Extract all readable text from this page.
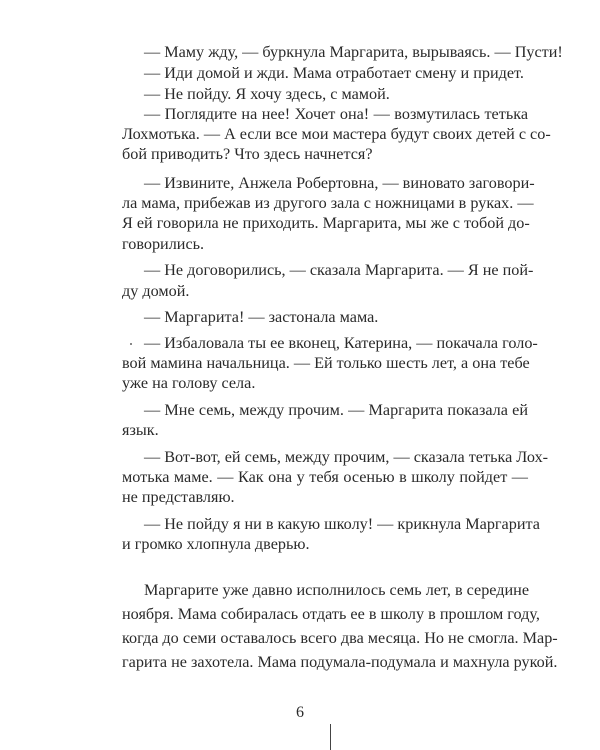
— Маму жду, — буркнула Маргарита, вырываясь. — Пусти!
— Иди домой и жди. Мама отработает смену и придет.
— Не пойду. Я хочу здесь, с мамой.
— Поглядите на нее! Хочет она! — возмутилась тетька
Лохмотька. — А если все мои мастера будут своих детей с со-
бой приводить? Что здесь начнется?
— Извините, Анжела Робертовна, — виновато заговори-
ла мама, прибежав из другого зала с ножницами в руках. —
Я ей говорила не приходить. Маргарита, мы же с тобой до-
говорились.
— Не договорились, — сказала Маргарита. — Я не пой-
ду домой.
— Маргарита! — застонала мама.
— Избаловала ты ее вконец, Катерина, — покачала голо-
вой мамина начальница. — Ей только шесть лет, а она тебе
уже на голову села.
— Мне семь, между прочим. — Маргарита показала ей
язык.
— Вот-вот, ей семь, между прочим, — сказала тетька Лох-
мотька маме. — Как она у тебя осенью в школу пойдет —
не представляю.
— Не пойду я ни в какую школу! — крикнула Маргарита
и громко хлопнула дверью.
Маргарите уже давно исполнилось семь лет, в середине
ноября. Мама собиралась отдать ее в школу в прошлом году,
когда до семи оставалось всего два месяца. Но не смогла. Мар-
гарита не захотела. Мама подумала-подумала и махнула рукой.
6
